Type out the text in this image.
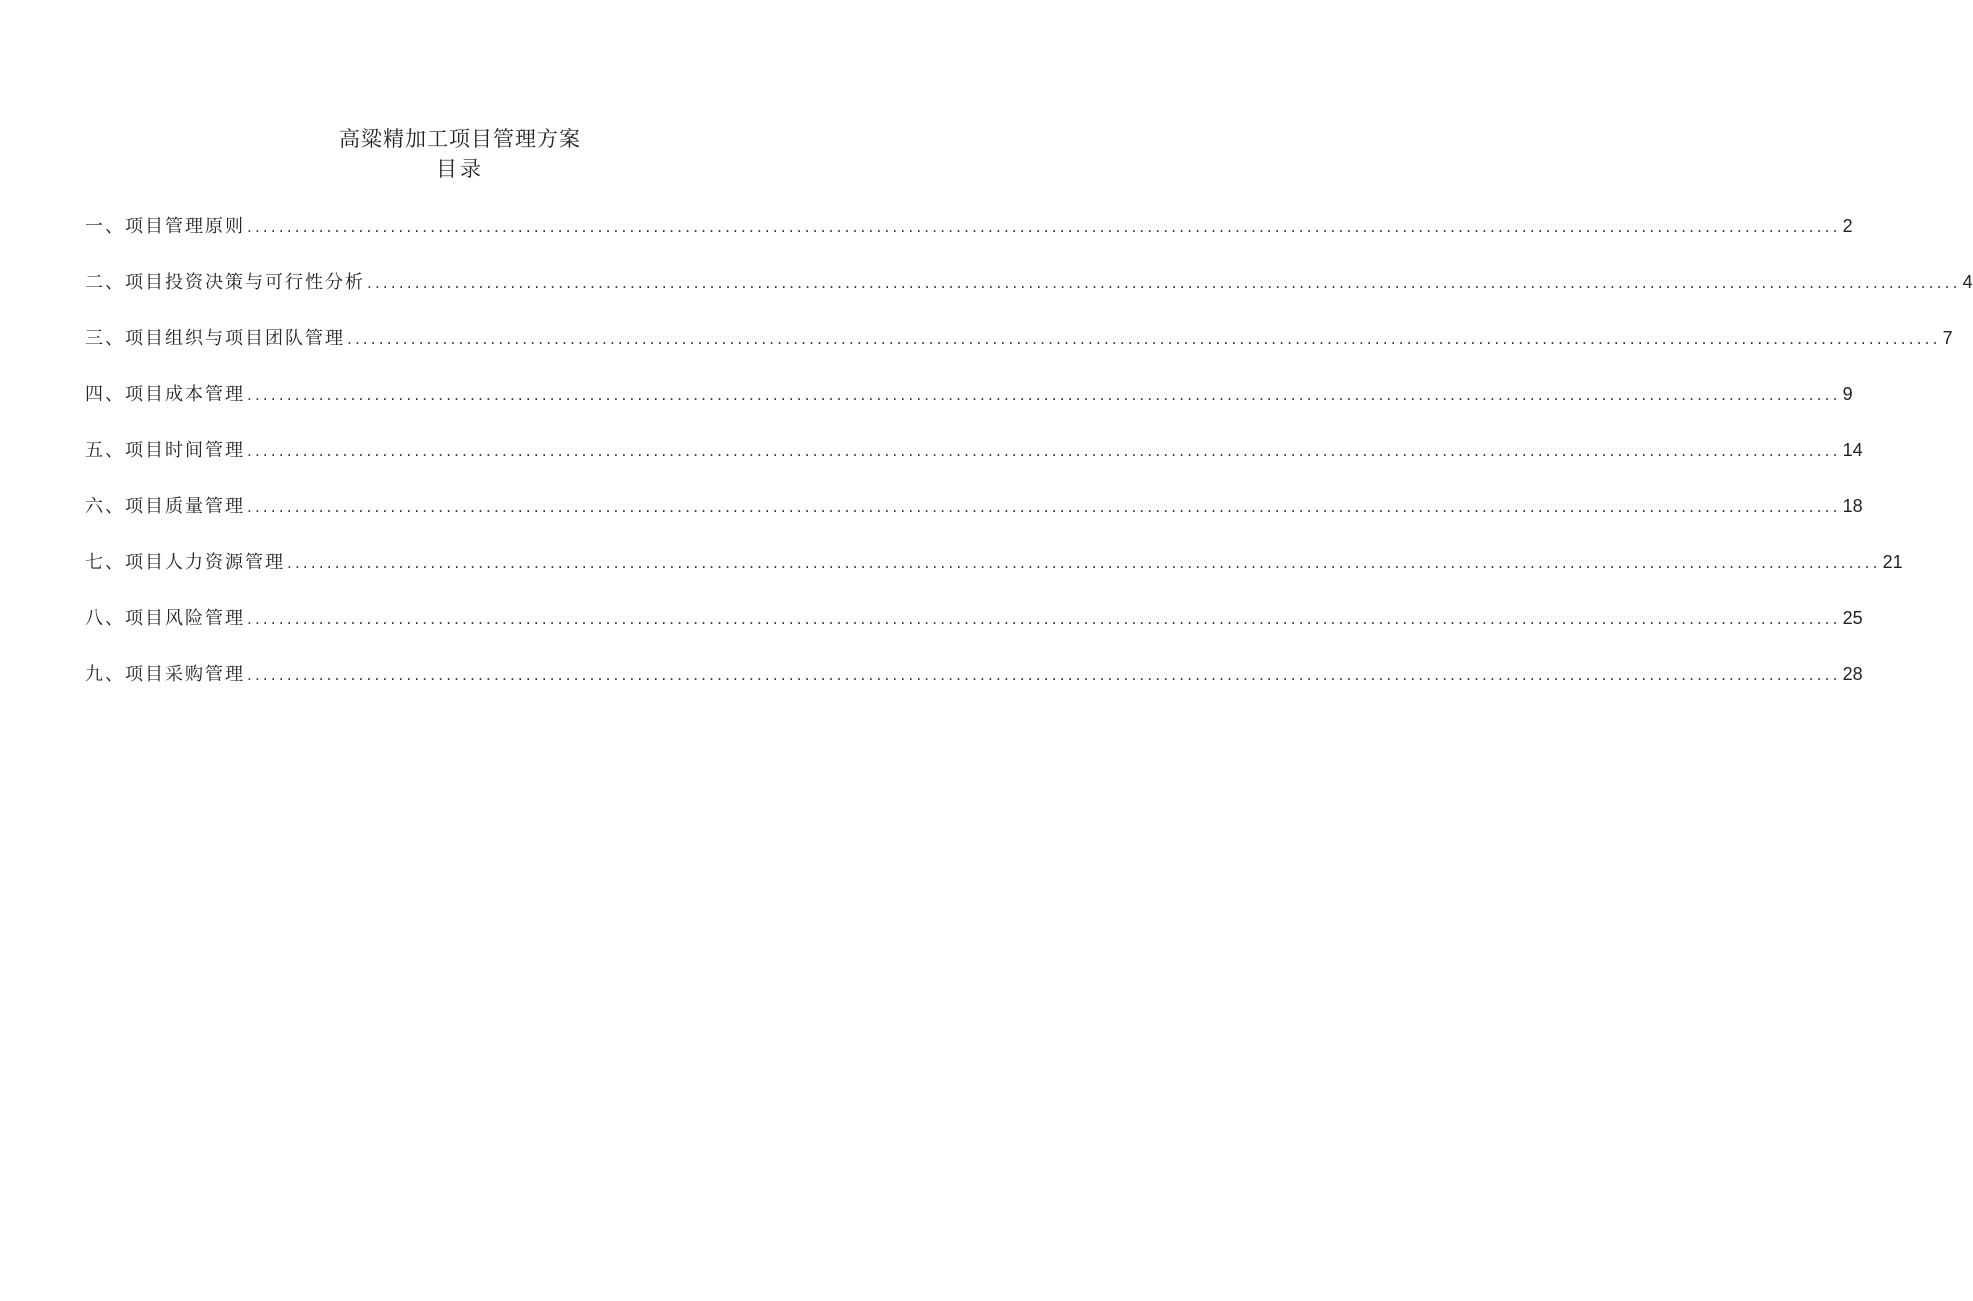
高粱精加工项目管理方案
目录
一、项目管理原则 ........................................................................................................................................................................................................ 2
二、项目投资决策与可行性分析 ........................................................................................................................................................................................................ 4
三、项目组织与项目团队管理 ........................................................................................................................................................................................................ 7
四、项目成本管理 ........................................................................................................................................................................................................ 9
五、项目时间管理 ........................................................................................................................................................................................................ 14
六、项目质量管理 ........................................................................................................................................................................................................ 18
七、项目人力资源管理 ........................................................................................................................................................................................................ 21
八、项目风险管理 ........................................................................................................................................................................................................ 25
九、项目采购管理 ........................................................................................................................................................................................................ 28
